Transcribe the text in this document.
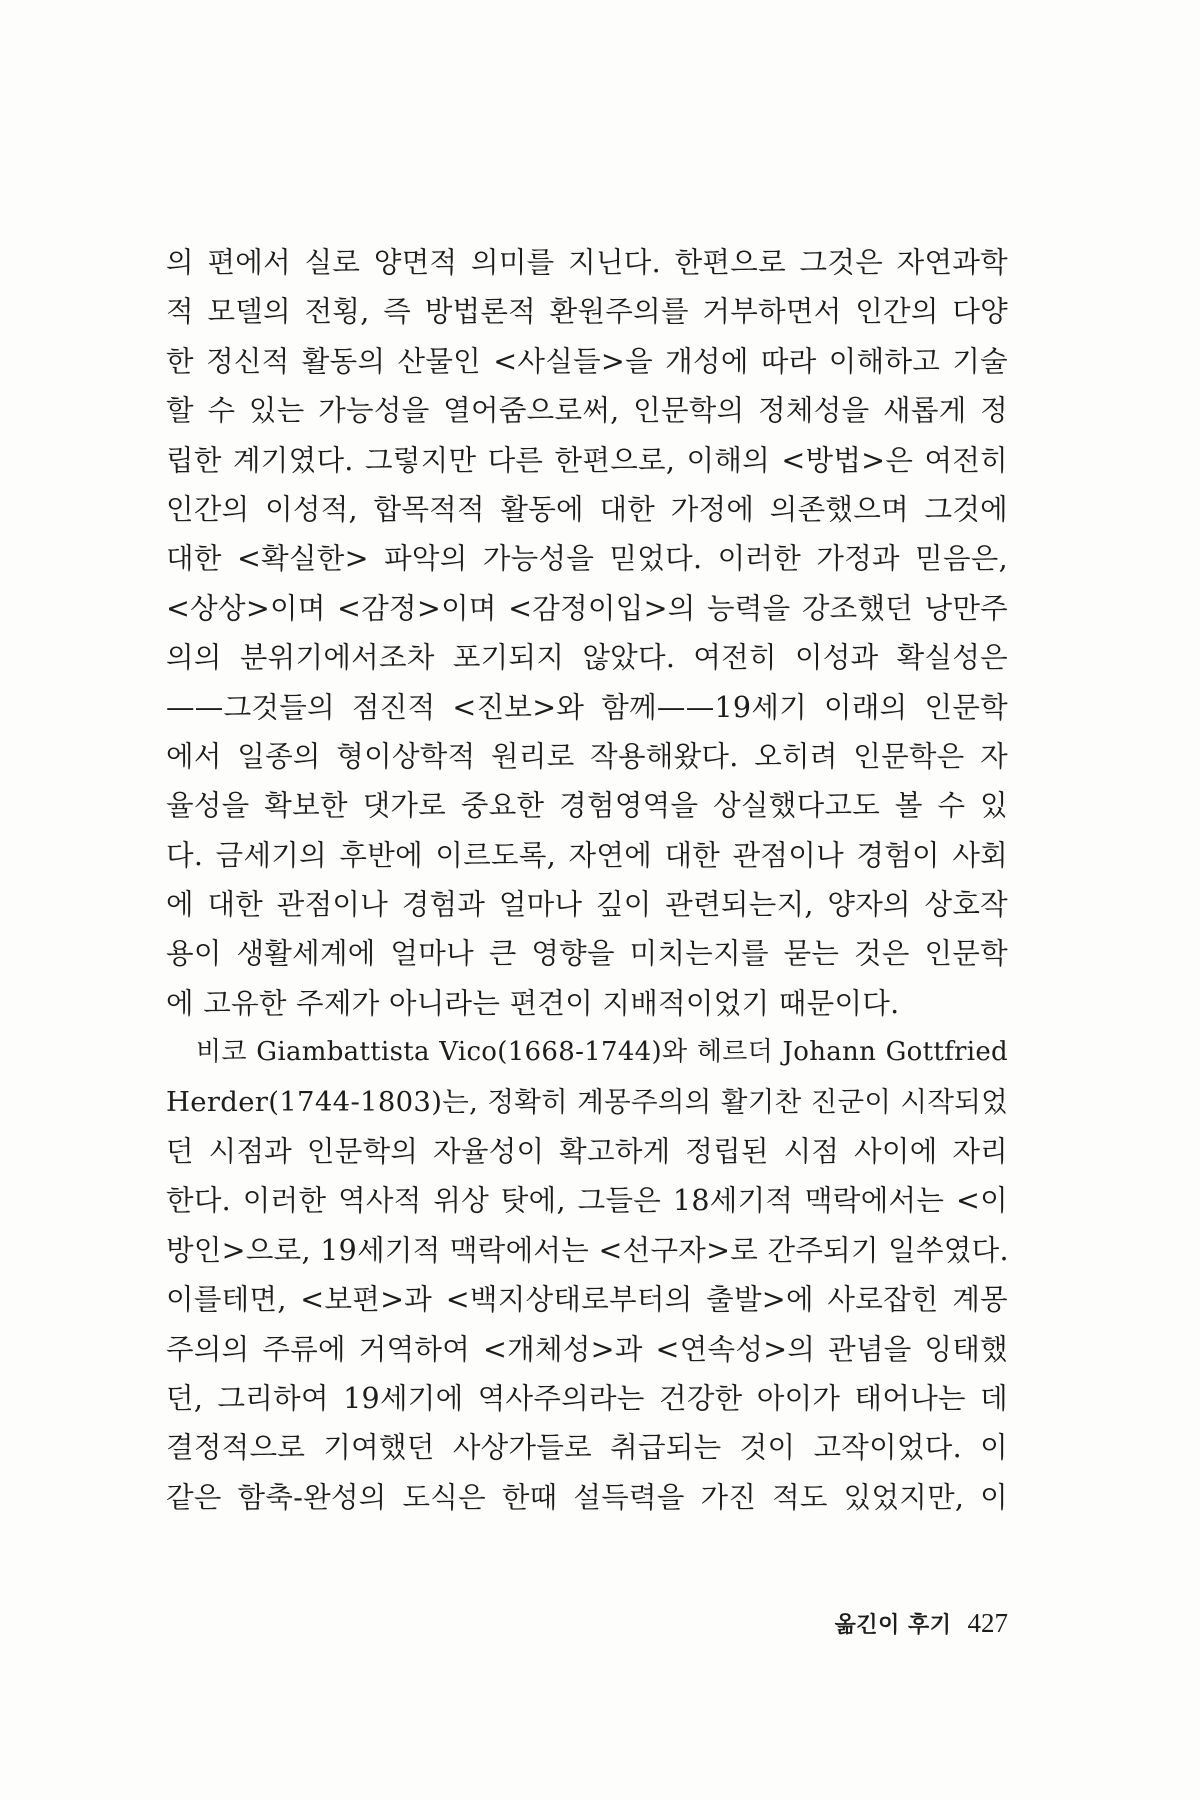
의 편에서 실로 양면적 의미를 지닌다. 한편으로 그것은 자연과학
적 모델의 전횡, 즉 방법론적 환원주의를 거부하면서 인간의 다양
한 정신적 활동의 산물인 <사실들>을 개성에 따라 이해하고 기술
할 수 있는 가능성을 열어줌으로써, 인문학의 정체성을 새롭게 정
립한 계기였다. 그렇지만 다른 한편으로, 이해의 <방법>은 여전히
인간의 이성적, 합목적적 활동에 대한 가정에 의존했으며 그것에
대한 <확실한> 파악의 가능성을 믿었다. 이러한 가정과 믿음은,
<상상>이며 <감정>이며 <감정이입>의 능력을 강조했던 낭만주
의의 분위기에서조차 포기되지 않았다. 여전히 이성과 확실성은
——그것들의 점진적 <진보>와 함께——19세기 이래의 인문학
에서 일종의 형이상학적 원리로 작용해왔다. 오히려 인문학은 자
율성을 확보한 댓가로 중요한 경험영역을 상실했다고도 볼 수 있
다. 금세기의 후반에 이르도록, 자연에 대한 관점이나 경험이 사회
에 대한 관점이나 경험과 얼마나 깊이 관련되는지, 양자의 상호작
용이 생활세계에 얼마나 큰 영향을 미치는지를 묻는 것은 인문학
에 고유한 주제가 아니라는 편견이 지배적이었기 때문이다.

비코 Giambattista Vico(1668-1744)와 헤르더 Johann Gottfried
Herder(1744-1803)는, 정확히 계몽주의의 활기찬 진군이 시작되었
던 시점과 인문학의 자율성이 확고하게 정립된 시점 사이에 자리
한다. 이러한 역사적 위상 탓에, 그들은 18세기적 맥락에서는 <이
방인>으로, 19세기적 맥락에서는 <선구자>로 간주되기 일쑤였다.
이를테면, <보편>과 <백지상태로부터의 출발>에 사로잡힌 계몽
주의의 주류에 거역하여 <개체성>과 <연속성>의 관념을 잉태했
던, 그리하여 19세기에 역사주의라는 건강한 아이가 태어나는 데
결정적으로 기여했던 사상가들로 취급되는 것이 고작이었다. 이
같은 함축-완성의 도식은 한때 설득력을 가진 적도 있었지만, 이

옮긴이 후기 427
